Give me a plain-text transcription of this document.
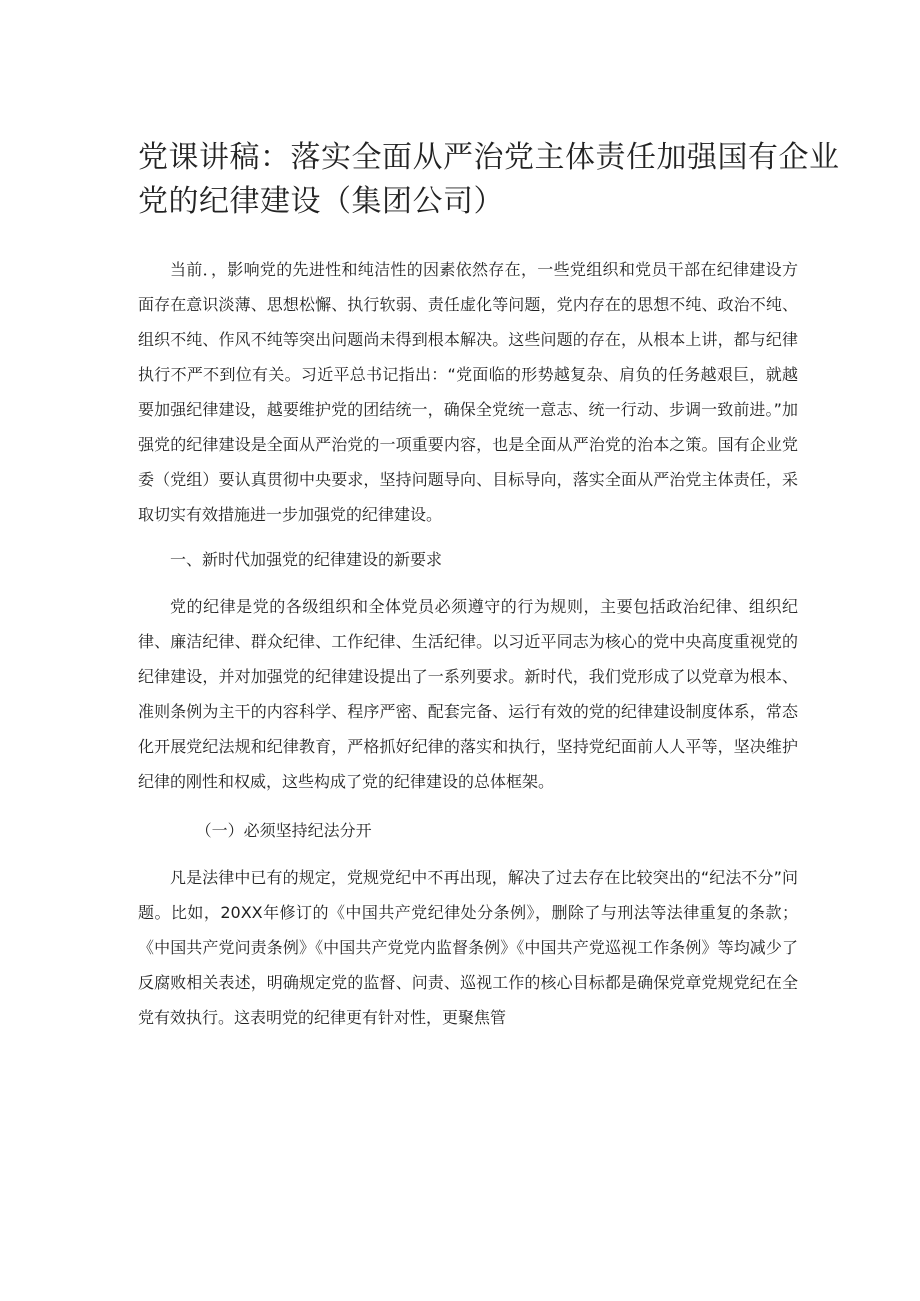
党课讲稿：落实全面从严治党主体责任加强国有企业
党的纪律建设（集团公司）

当前．，影响党的先进性和纯洁性的因素依然存在，一些党组织和党员干部在纪律建设方面存在意识淡薄、思想松懈、执行软弱、责任虚化等问题，党内存在的思想不纯、政治不纯、组织不纯、作风不纯等突出问题尚未得到根本解决。这些问题的存在，从根本上讲，都与纪律执行不严不到位有关。习近平总书记指出：“党面临的形势越复杂、肩负的任务越艰巨，就越要加强纪律建设，越要维护党的团结统一，确保全党统一意志、统一行动、步调一致前进。”加强党的纪律建设是全面从严治党的一项重要内容，也是全面从严治党的治本之策。国有企业党委（党组）要认真贯彻中央要求，坚持问题导向、目标导向，落实全面从严治党主体责任，采取切实有效措施进一步加强党的纪律建设。

一、新时代加强党的纪律建设的新要求

党的纪律是党的各级组织和全体党员必须遵守的行为规则，主要包括政治纪律、组织纪律、廉洁纪律、群众纪律、工作纪律、生活纪律。以习近平同志为核心的党中央高度重视党的纪律建设，并对加强党的纪律建设提出了一系列要求。新时代，我们党形成了以党章为根本、准则条例为主干的内容科学、程序严密、配套完备、运行有效的党的纪律建设制度体系，常态化开展党纪法规和纪律教育，严格抓好纪律的落实和执行，坚持党纪面前人人平等，坚决维护纪律的刚性和权威，这些构成了党的纪律建设的总体框架。

（一）必须坚持纪法分开

凡是法律中已有的规定，党规党纪中不再出现，解决了过去存在比较突出的“纪法不分”问题。比如，20XX年修订的《中国共产党纪律处分条例》，删除了与刑法等法律重复的条款；《中国共产党问责条例》《中国共产党党内监督条例》《中国共产党巡视工作条例》等均减少了反腐败相关表述，明确规定党的监督、问责、巡视工作的核心目标都是确保党章党规党纪在全党有效执行。这表明党的纪律更有针对性，更聚焦管
